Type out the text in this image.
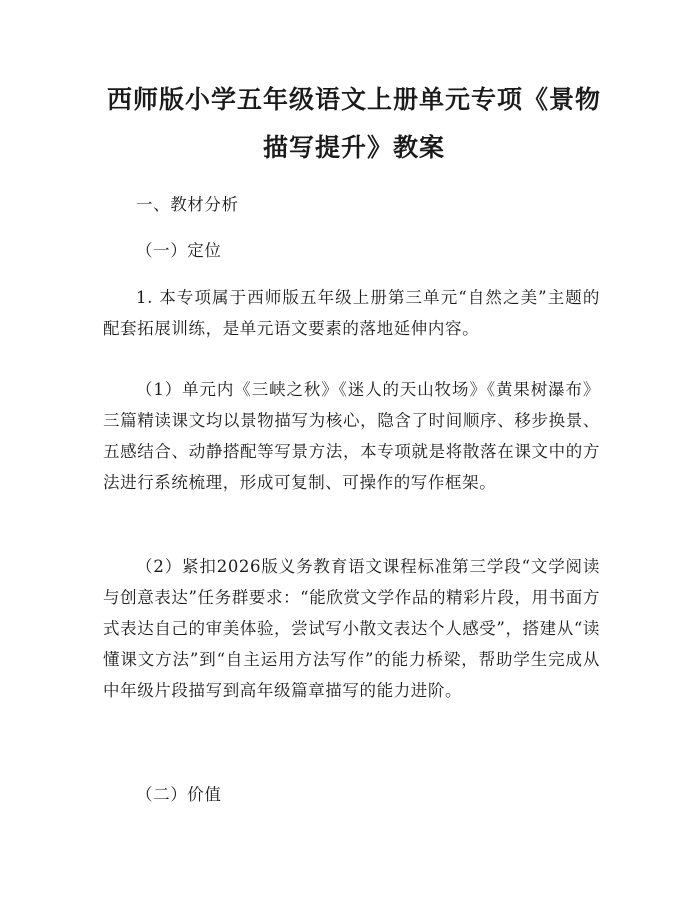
西师版小学五年级语文上册单元专项《景物
描写提升》教案
一、教材分析
（一）定位
1. 本专项属于西师版五年级上册第三单元“自然之美”主题的配套拓展训练，是单元语文要素的落地延伸内容。
（1）单元内《三峡之秋》《迷人的天山牧场》《黄果树瀑布》三篇精读课文均以景物描写为核心，隐含了时间顺序、移步换景、五感结合、动静搭配等写景方法，本专项就是将散落在课文中的方法进行系统梳理，形成可复制、可操作的写作框架。
（2）紧扣2026版义务教育语文课程标准第三学段“文学阅读与创意表达”任务群要求：“能欣赏文学作品的精彩片段，用书面方式表达自己的审美体验，尝试写小散文表达个人感受”，搭建从“读懂课文方法”到“自主运用方法写作”的能力桥梁，帮助学生完成从中年级片段描写到高年级篇章描写的能力进阶。
（二）价值
